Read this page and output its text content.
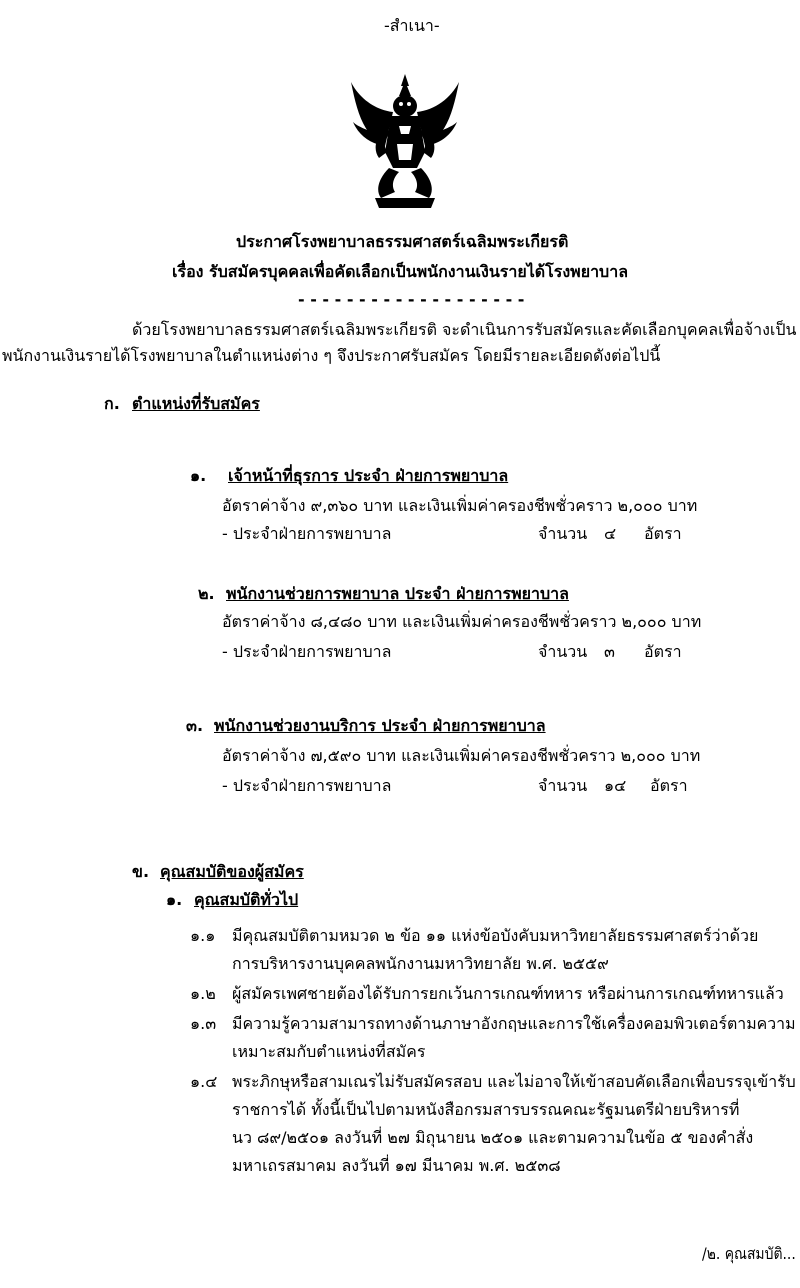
-สำเนา-
ประกาศโรงพยาบาลธรรมศาสตร์เฉลิมพระเกียรติ
เรื่อง รับสมัครบุคคลเพื่อคัดเลือกเป็นพนักงานเงินรายได้โรงพยาบาล
- - - - - - - - - - - - - - - - - - -
ด้วยโรงพยาบาลธรรมศาสตร์เฉลิมพระเกียรติ จะดำเนินการรับสมัครและคัดเลือกบุคคลเพื่อจ้างเป็น
พนักงานเงินรายได้โรงพยาบาลในตำแหน่งต่าง ๆ จึงประกาศรับสมัคร โดยมีรายละเอียดดังต่อไปนี้
ก. ตำแหน่งที่รับสมัคร
๑. เจ้าหน้าที่ธุรการ ประจำ ฝ่ายการพยาบาล
อัตราค่าจ้าง ๙,๓๖๐ บาท และเงินเพิ่มค่าครองชีพชั่วคราว ๒,๐๐๐ บาท
- ประจำฝ่ายการพยาบาล	จำนวน ๔ อัตรา
๒. พนักงานช่วยการพยาบาล ประจำ ฝ่ายการพยาบาล
อัตราค่าจ้าง ๘,๔๘๐ บาท และเงินเพิ่มค่าครองชีพชั่วคราว ๒,๐๐๐ บาท
- ประจำฝ่ายการพยาบาล	จำนวน ๓ อัตรา
๓. พนักงานช่วยงานบริการ ประจำ ฝ่ายการพยาบาล
อัตราค่าจ้าง ๗,๕๙๐ บาท และเงินเพิ่มค่าครองชีพชั่วคราว ๒,๐๐๐ บาท
- ประจำฝ่ายการพยาบาล	จำนวน ๑๔ อัตรา
ข. คุณสมบัติของผู้สมัคร
๑. คุณสมบัติทั่วไป
๑.๑ มีคุณสมบัติตามหมวด ๒ ข้อ ๑๑ แห่งข้อบังคับมหาวิทยาลัยธรรมศาสตร์ว่าด้วย
การบริหารงานบุคคลพนักงานมหาวิทยาลัย พ.ศ. ๒๕๕๙
๑.๒ ผู้สมัครเพศชายต้องได้รับการยกเว้นการเกณฑ์ทหาร หรือผ่านการเกณฑ์ทหารแล้ว
๑.๓ มีความรู้ความสามารถทางด้านภาษาอังกฤษและการใช้เครื่องคอมพิวเตอร์ตามความ
เหมาะสมกับตำแหน่งที่สมัคร
๑.๔ พระภิกษุหรือสามเณรไม่รับสมัครสอบ และไม่อาจให้เข้าสอบคัดเลือกเพื่อบรรจุเข้ารับ
ราชการได้ ทั้งนี้เป็นไปตามหนังสือกรมสารบรรณคณะรัฐมนตรีฝ่ายบริหารที่
นว ๘๙/๒๕๐๑ ลงวันที่ ๒๗ มิถุนายน ๒๕๐๑ และตามความในข้อ ๕ ของคำสั่ง
มหาเถรสมาคม ลงวันที่ ๑๗ มีนาคม พ.ศ. ๒๕๓๘
/๒. คุณสมบัติ...
